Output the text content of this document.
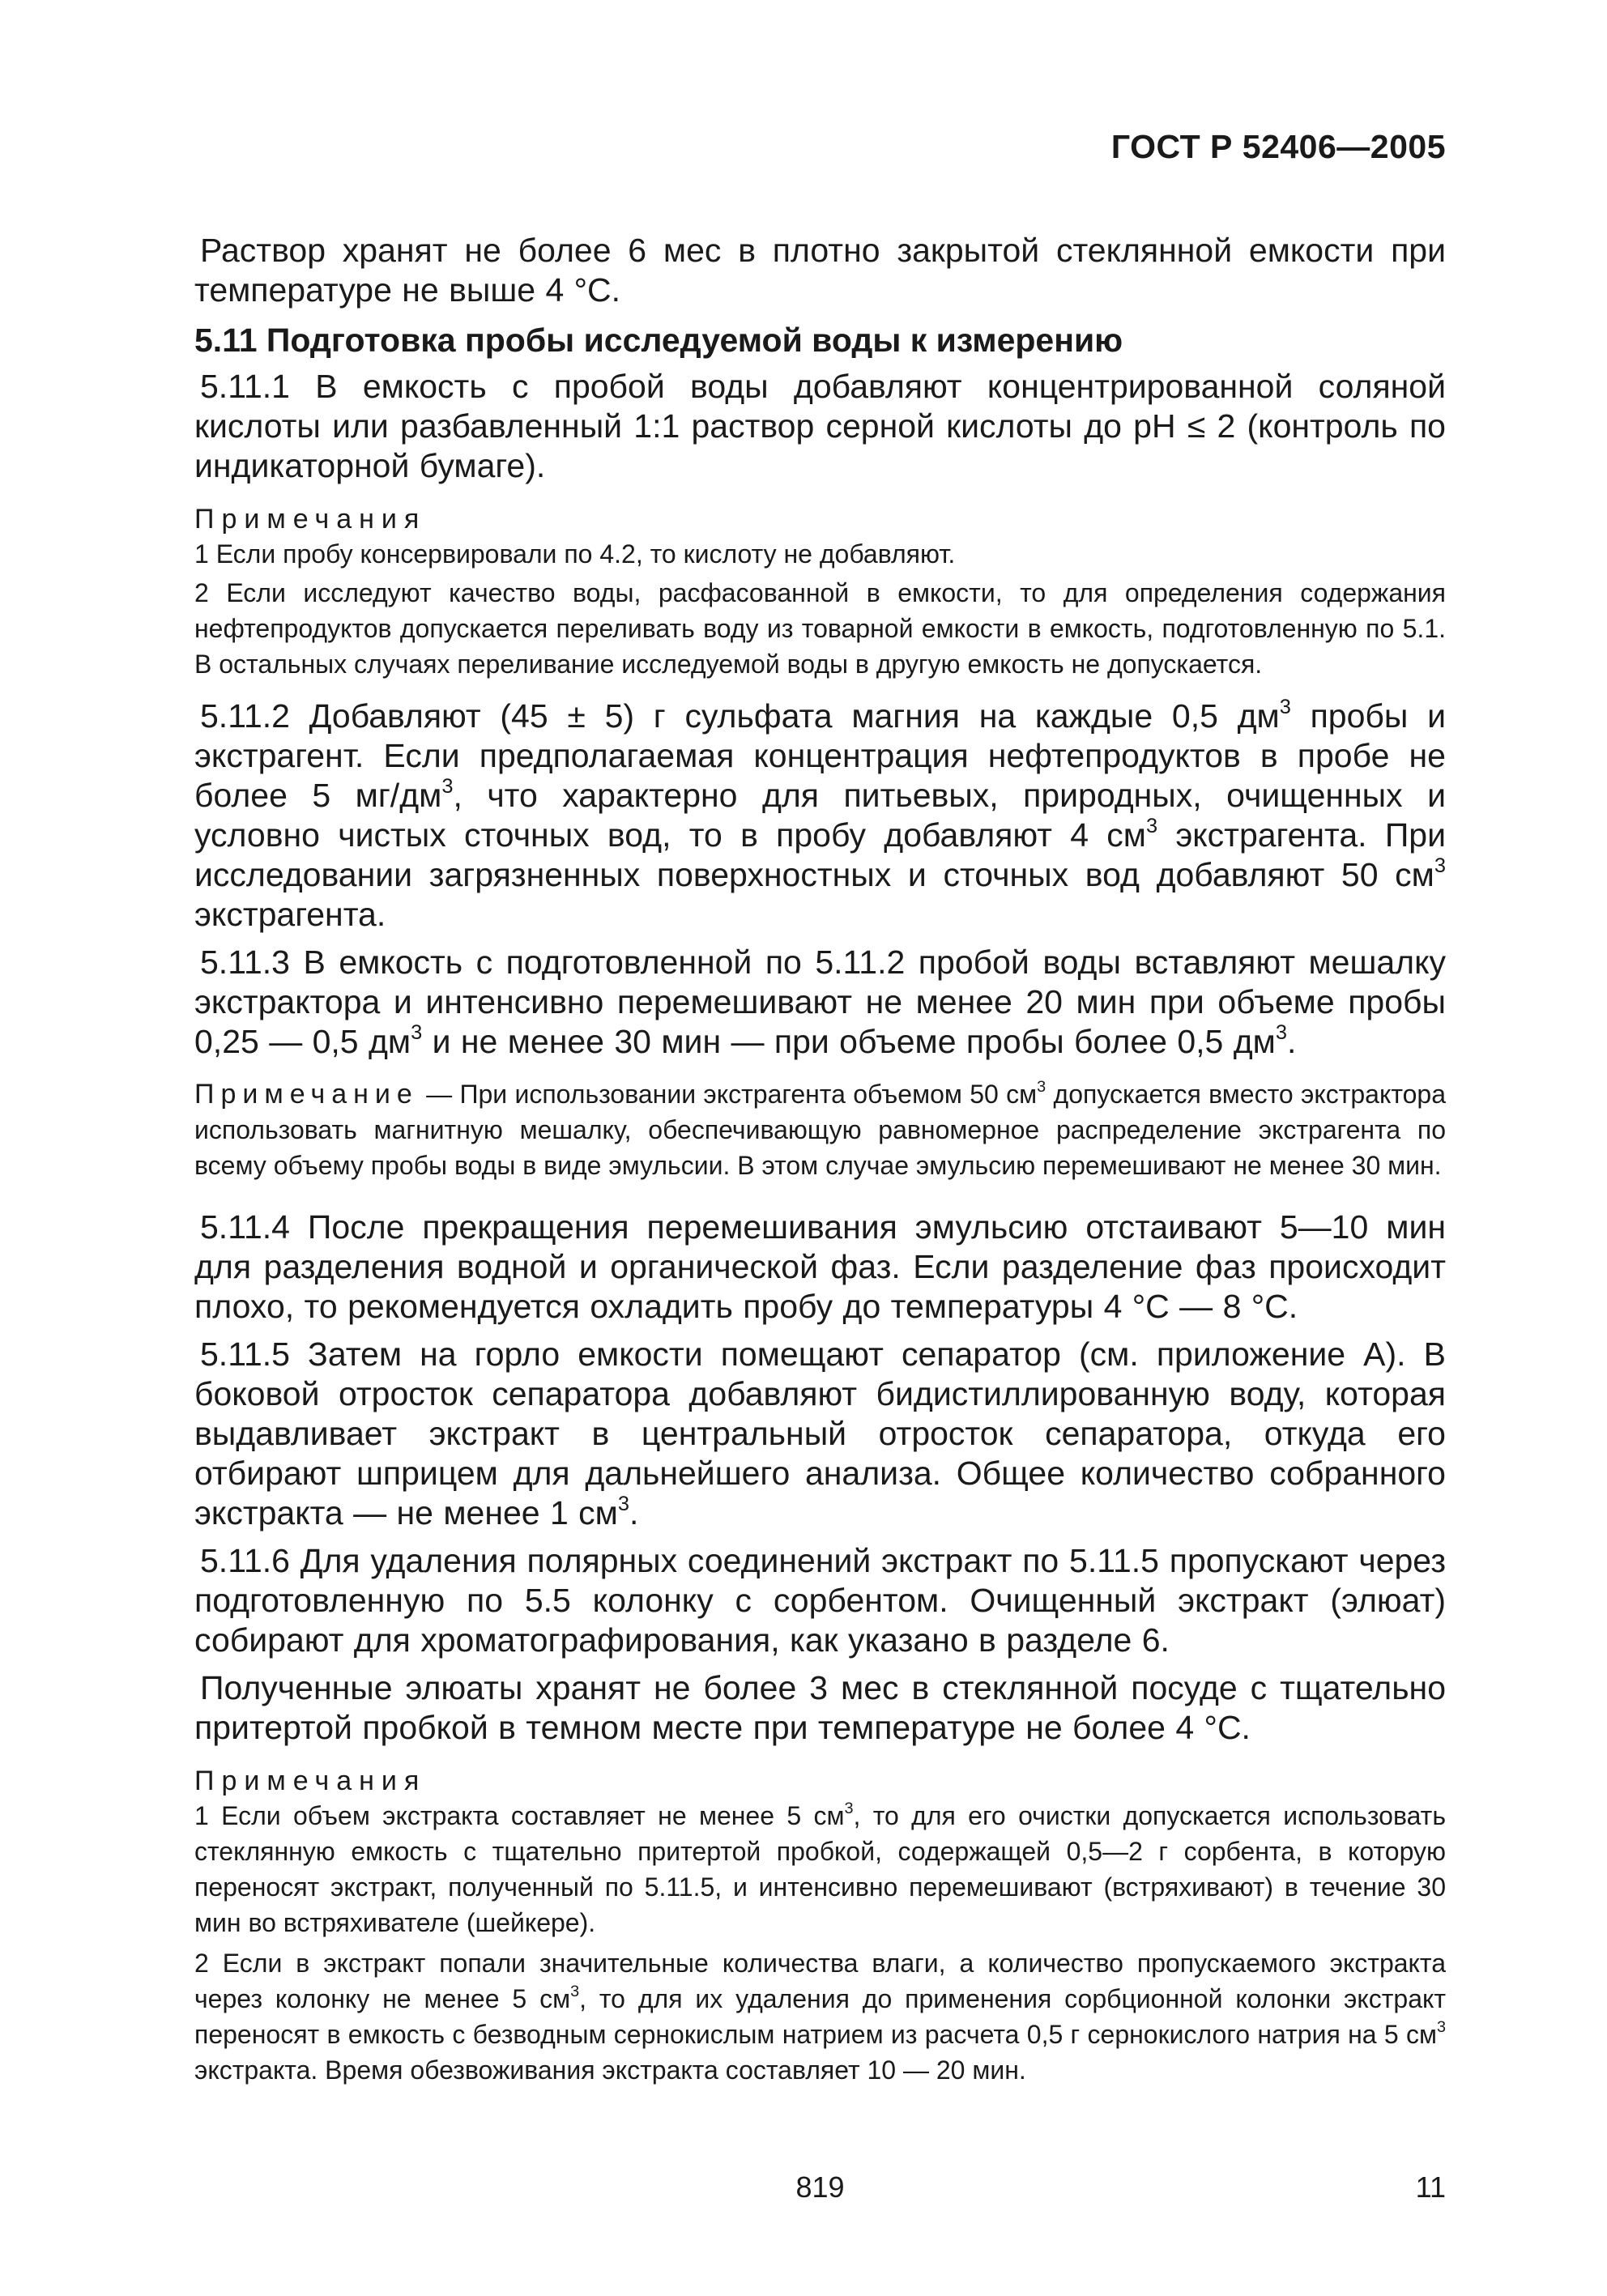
ГОСТ Р 52406—2005

Раствор хранят не более 6 мес в плотно закрытой стеклянной емкости при температуре не выше 4 °С.

5.11 Подготовка пробы исследуемой воды к измерению

5.11.1 В емкость с пробой воды добавляют концентрированной соляной кислоты или разбавленный 1:1 раствор серной кислоты до рН ≤ 2 (контроль по индикаторной бумаге).

Примечания

1 Если пробу консервировали по 4.2, то кислоту не добавляют.

2 Если исследуют качество воды, расфасованной в емкости, то для определения содержания нефтепродуктов допускается переливать воду из товарной емкости в емкость, подготовленную по 5.1. В остальных случаях переливание исследуемой воды в другую емкость не допускается.

5.11.2 Добавляют (45 ± 5) г сульфата магния на каждые 0,5 $дм^3$ пробы и экстрагент. Если предполагаемая концентрация нефтепродуктов в пробе не более 5 $мг/дм^3$, что характерно для питьевых, природных, очищенных и условно чистых сточных вод, то в пробу добавляют 4 $см^3$ экстрагента. При исследовании загрязненных поверхностных и сточных вод добавляют 50 $см^3$ экстрагента.

5.11.3 В емкость с подготовленной по 5.11.2 пробой воды вставляют мешалку экстрактора и интенсивно перемешивают не менее 20 мин при объеме пробы 0,25 — 0,5 $дм^3$ и не менее 30 мин — при объеме пробы более 0,5 $дм^3$.

Примечание — При использовании экстрагента объемом 50 $см^3$ допускается вместо экстрактора использовать магнитную мешалку, обеспечивающую равномерное распределение экстрагента по всему объему пробы воды в виде эмульсии. В этом случае эмульсию перемешивают не менее 30 мин.

5.11.4 После прекращения перемешивания эмульсию отстаивают 5—10 мин для разделения водной и органической фаз. Если разделение фаз происходит плохо, то рекомендуется охладить пробу до температуры 4 °С — 8 °С.

5.11.5 Затем на горло емкости помещают сепаратор (см. приложение А). В боковой отросток сепаратора добавляют бидистиллированную воду, которая выдавливает экстракт в центральный отросток сепаратора, откуда его отбирают шприцем для дальнейшего анализа. Общее количество собранного экстракта — не менее 1 $см^3$.

5.11.6 Для удаления полярных соединений экстракт по 5.11.5 пропускают через подготовленную по 5.5 колонку с сорбентом. Очищенный экстракт (элюат) собирают для хроматографирования, как указано в разделе 6.

Полученные элюаты хранят не более 3 мес в стеклянной посуде с тщательно притертой пробкой в темном месте при температуре не более 4 °С.

Примечания

1 Если объем экстракта составляет не менее 5 $см^3$, то для его очистки допускается использовать стеклянную емкость с тщательно притертой пробкой, содержащей 0,5—2 г сорбента, в которую переносят экстракт, полученный по 5.11.5, и интенсивно перемешивают (встряхивают) в течение 30 мин во встряхивателе (шейкере).

2 Если в экстракт попали значительные количества влаги, а количество пропускаемого экстракта через колонку не менее 5 $см^3$, то для их удаления до применения сорбционной колонки экстракт переносят в емкость с безводным сернокислым натрием из расчета 0,5 г сернокислого натрия на 5 $см^3$ экстракта. Время обезвоживания экстракта составляет 10 — 20 мин.

819	11
